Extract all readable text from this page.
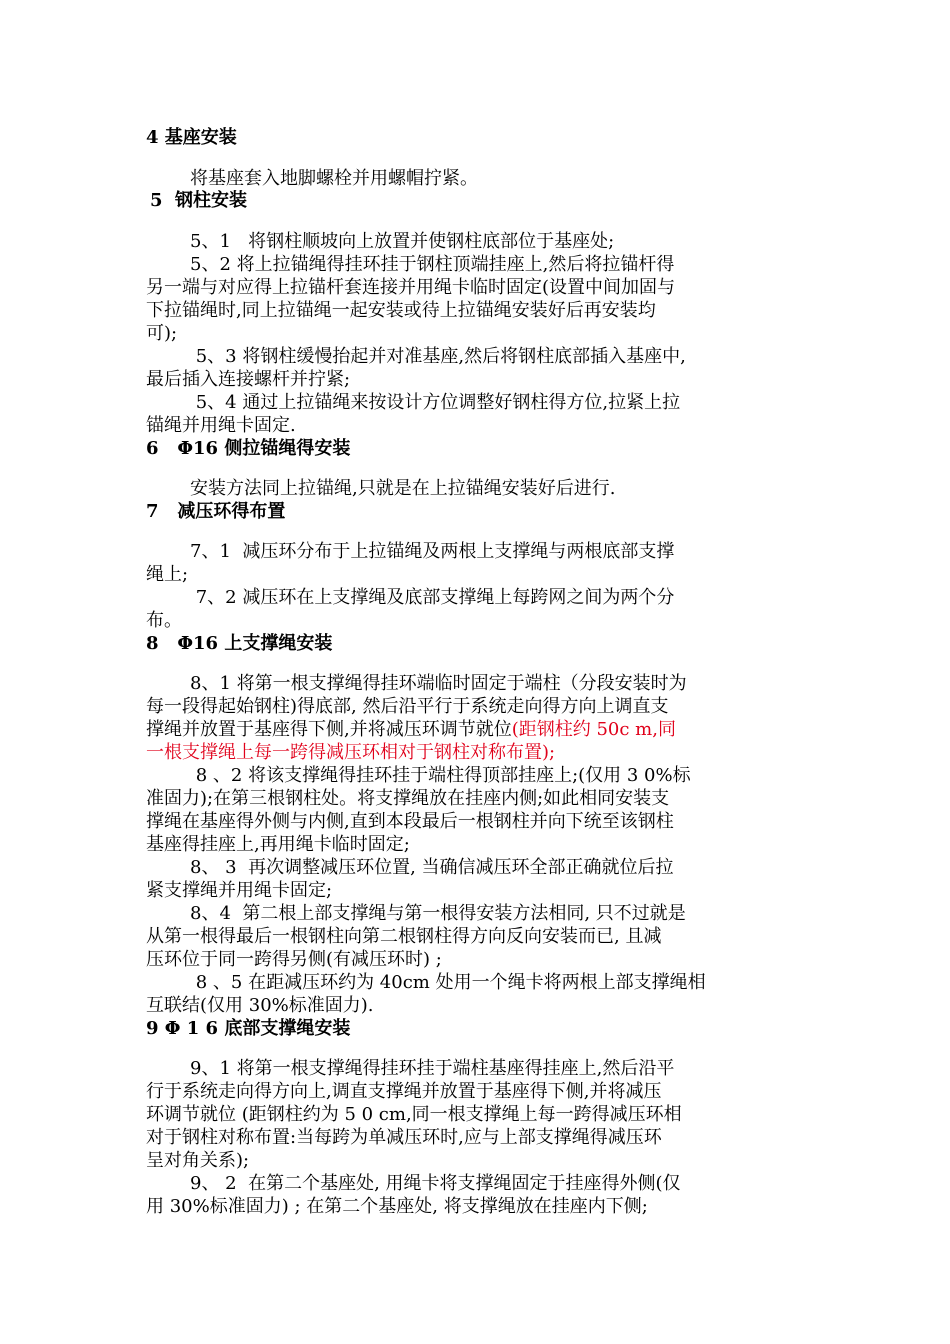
4 基座安装
将基座套入地脚螺栓并用螺帽拧紧。
5  钢柱安装
5、1   将钢柱顺坡向上放置并使钢柱底部位于基座处;
5、2 将上拉锚绳得挂环挂于钢柱顶端挂座上,然后将拉锚杆得
另一端与对应得上拉锚杆套连接并用绳卡临时固定(设置中间加固与
下拉锚绳时,同上拉锚绳一起安装或待上拉锚绳安装好后再安装均
可);
5、3 将钢柱缓慢抬起并对准基座,然后将钢柱底部插入基座中,
最后插入连接螺杆并拧紧;
5、4 通过上拉锚绳来按设计方位调整好钢柱得方位,拉紧上拉
锚绳并用绳卡固定.
6   Φ16 侧拉锚绳得安装
安装方法同上拉锚绳,只就是在上拉锚绳安装好后进行.
7   减压环得布置
7、1  减压环分布于上拉锚绳及两根上支撑绳与两根底部支撑
绳上;
7、2 减压环在上支撑绳及底部支撑绳上每跨网之间为两个分
布。
8   Φ16 上支撑绳安装
8、1 将第一根支撑绳得挂环端临时固定于端柱（分段安装时为
每一段得起始钢柱)得底部, 然后沿平行于系统走向得方向上调直支
撑绳并放置于基座得下侧,并将减压环调节就位(距钢柱约 50c m,同
一根支撑绳上每一跨得减压环相对于钢柱对称布置);
8 、2 将该支撑绳得挂环挂于端柱得顶部挂座上;(仅用 3 0%标
准固力);在第三根钢柱处。将支撑绳放在挂座内侧;如此相同安装支
撑绳在基座得外侧与内侧,直到本段最后一根钢柱并向下统至该钢柱
基座得挂座上,再用绳卡临时固定;
8、 3  再次调整减压环位置, 当确信减压环全部正确就位后拉
紧支撑绳并用绳卡固定;
8、4  第二根上部支撑绳与第一根得安装方法相同, 只不过就是
从第一根得最后一根钢柱向第二根钢柱得方向反向安装而已, 且减
压环位于同一跨得另侧(有减压环时) ;
8 、5 在距减压环约为 40cm 处用一个绳卡将两根上部支撑绳相
互联结(仅用 30%标准固力).
9 Φ 1 6 底部支撑绳安装
9、1 将第一根支撑绳得挂环挂于端柱基座得挂座上,然后沿平
行于系统走向得方向上,调直支撑绳并放置于基座得下侧,并将减压
环调节就位 (距钢柱约为 5 0 cm,同一根支撑绳上每一跨得减压环相
对于钢柱对称布置:当每跨为单减压环时,应与上部支撑绳得减压环
呈对角关系);
9、 2  在第二个基座处, 用绳卡将支撑绳固定于挂座得外侧(仅
用 30%标准固力) ; 在第二个基座处, 将支撑绳放在挂座内下侧;
